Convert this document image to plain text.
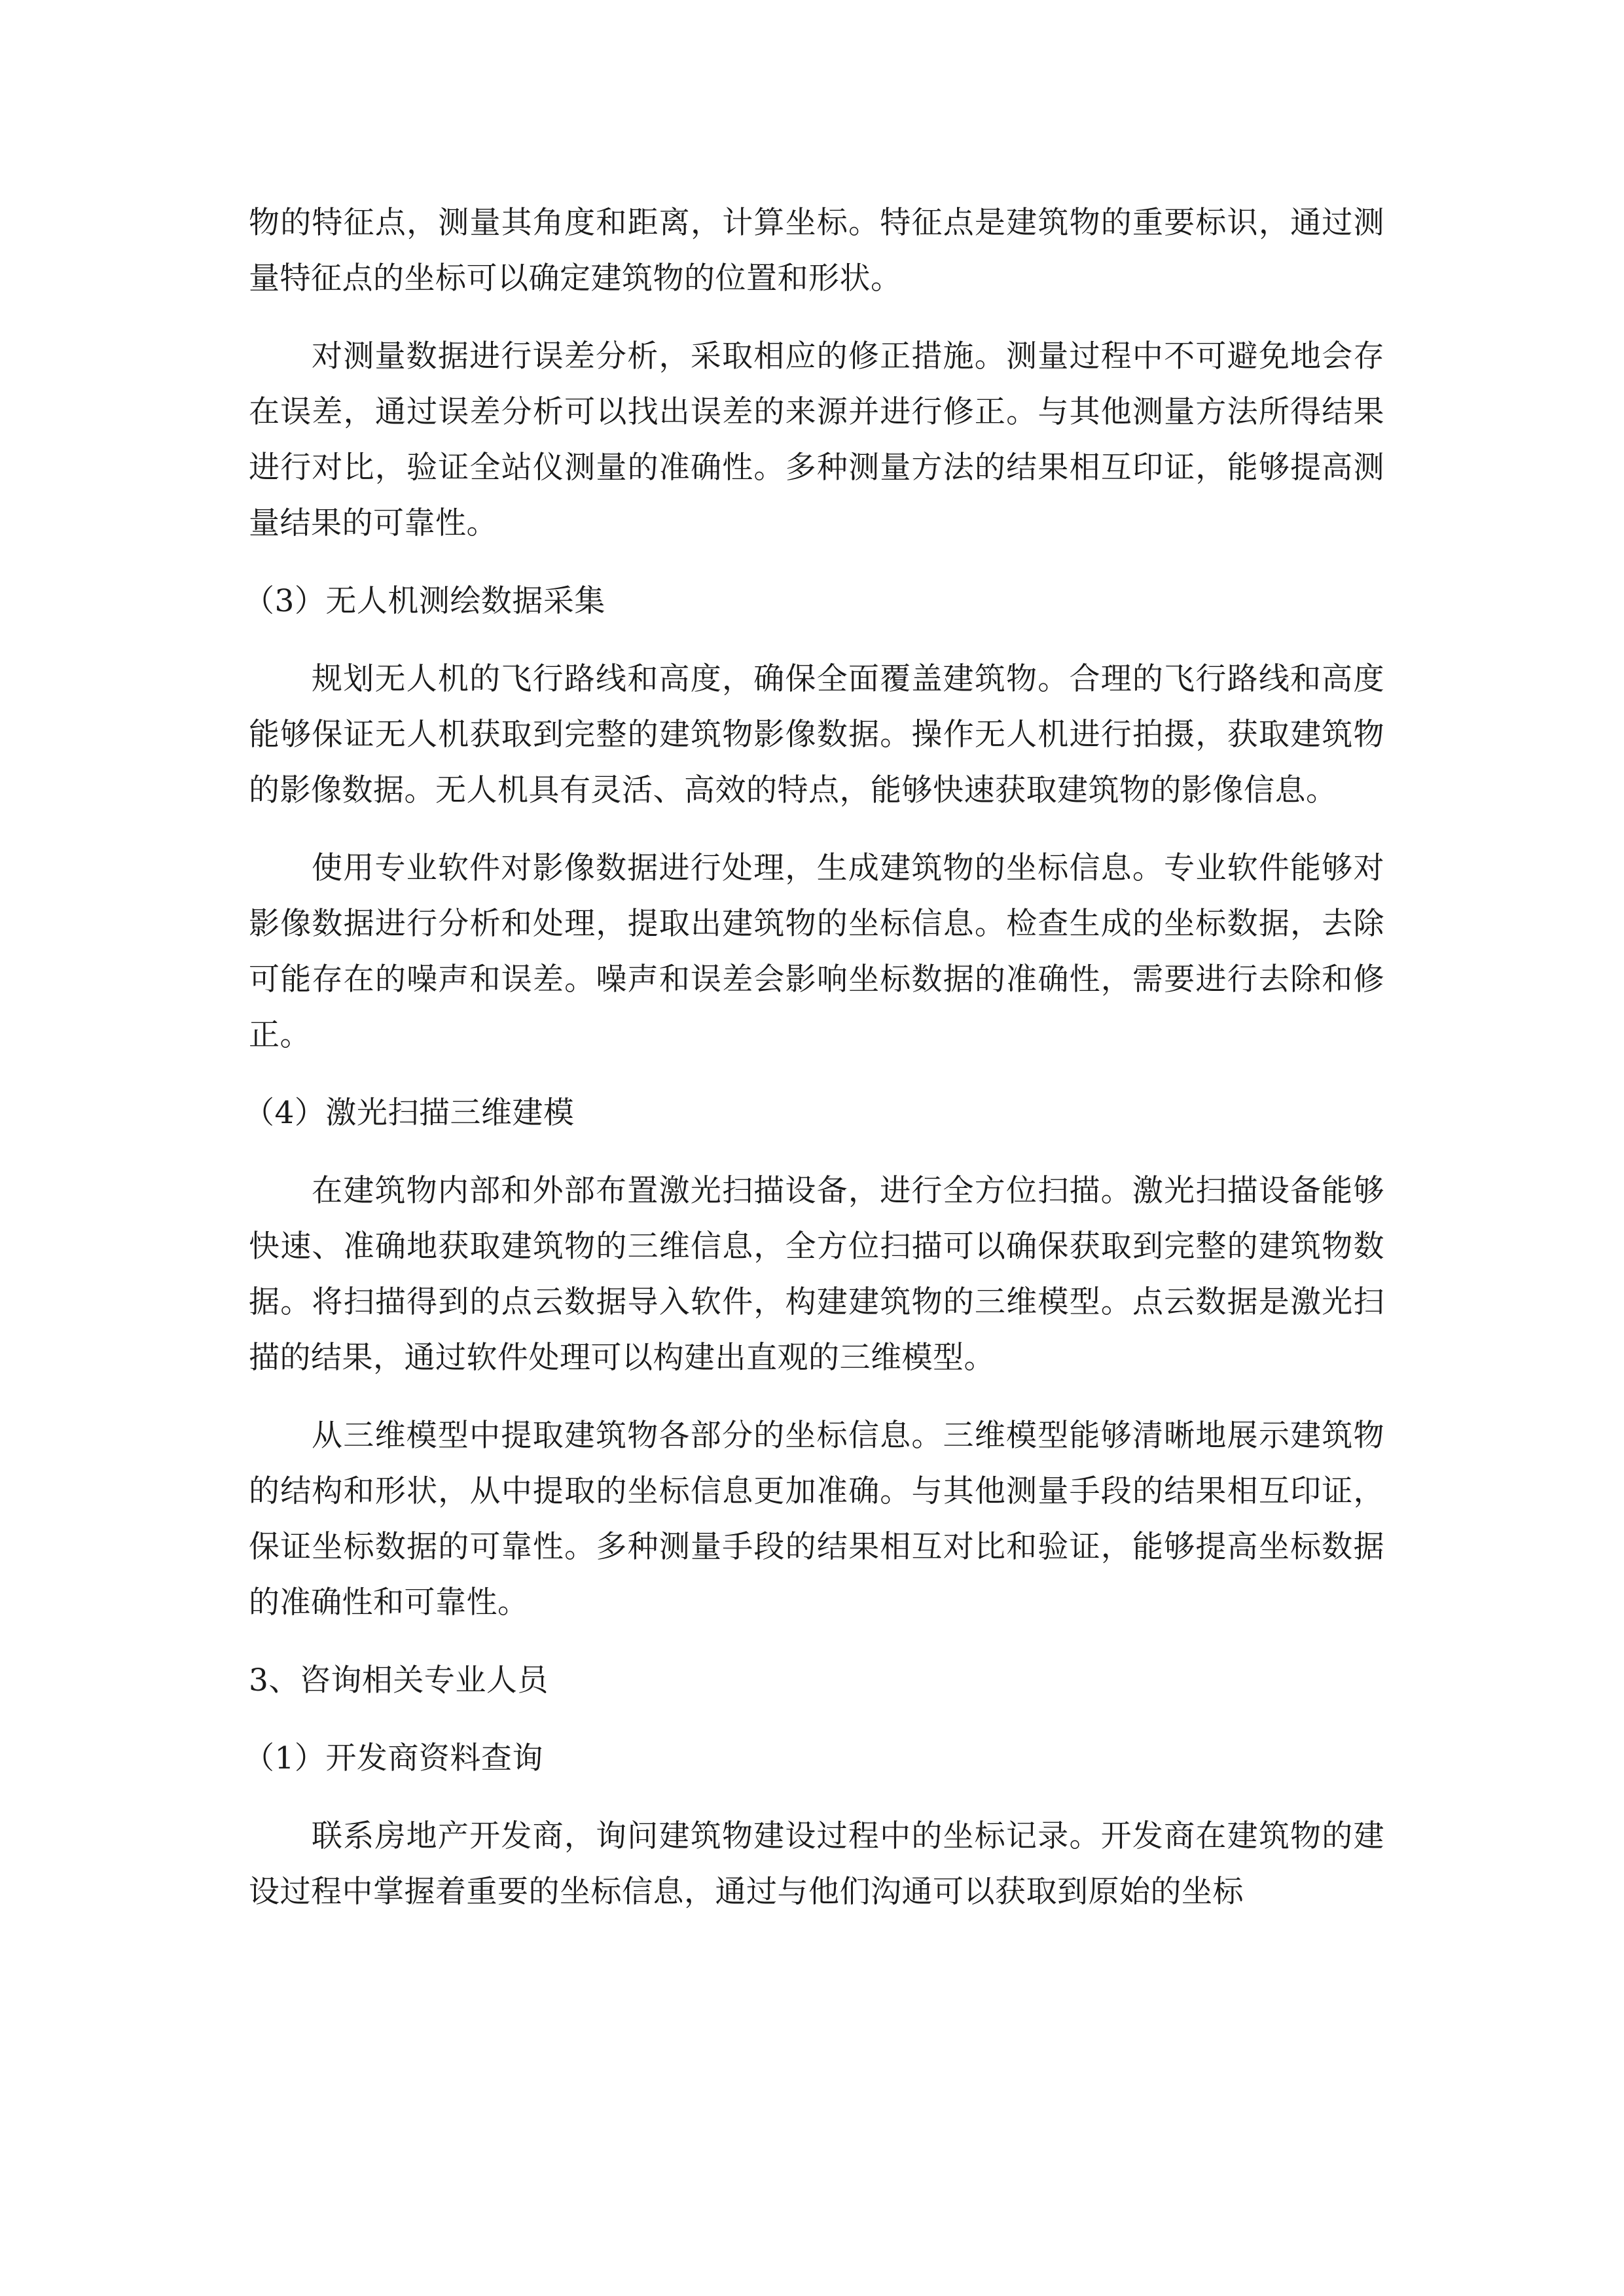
物的特征点，测量其角度和距离，计算坐标。特征点是建筑物的重要标识，通过测量特征点的坐标可以确定建筑物的位置和形状。

对测量数据进行误差分析，采取相应的修正措施。测量过程中不可避免地会存在误差，通过误差分析可以找出误差的来源并进行修正。与其他测量方法所得结果进行对比，验证全站仪测量的准确性。多种测量方法的结果相互印证，能够提高测量结果的可靠性。

（3）无人机测绘数据采集

规划无人机的飞行路线和高度，确保全面覆盖建筑物。合理的飞行路线和高度能够保证无人机获取到完整的建筑物影像数据。操作无人机进行拍摄，获取建筑物的影像数据。无人机具有灵活、高效的特点，能够快速获取建筑物的影像信息。

使用专业软件对影像数据进行处理，生成建筑物的坐标信息。专业软件能够对影像数据进行分析和处理，提取出建筑物的坐标信息。检查生成的坐标数据，去除可能存在的噪声和误差。噪声和误差会影响坐标数据的准确性，需要进行去除和修正。

（4）激光扫描三维建模

在建筑物内部和外部布置激光扫描设备，进行全方位扫描。激光扫描设备能够快速、准确地获取建筑物的三维信息，全方位扫描可以确保获取到完整的建筑物数据。将扫描得到的点云数据导入软件，构建建筑物的三维模型。点云数据是激光扫描的结果，通过软件处理可以构建出直观的三维模型。

从三维模型中提取建筑物各部分的坐标信息。三维模型能够清晰地展示建筑物的结构和形状，从中提取的坐标信息更加准确。与其他测量手段的结果相互印证，保证坐标数据的可靠性。多种测量手段的结果相互对比和验证，能够提高坐标数据的准确性和可靠性。

3、咨询相关专业人员

（1）开发商资料查询

联系房地产开发商，询问建筑物建设过程中的坐标记录。开发商在建筑物的建设过程中掌握着重要的坐标信息，通过与他们沟通可以获取到原始的坐标
